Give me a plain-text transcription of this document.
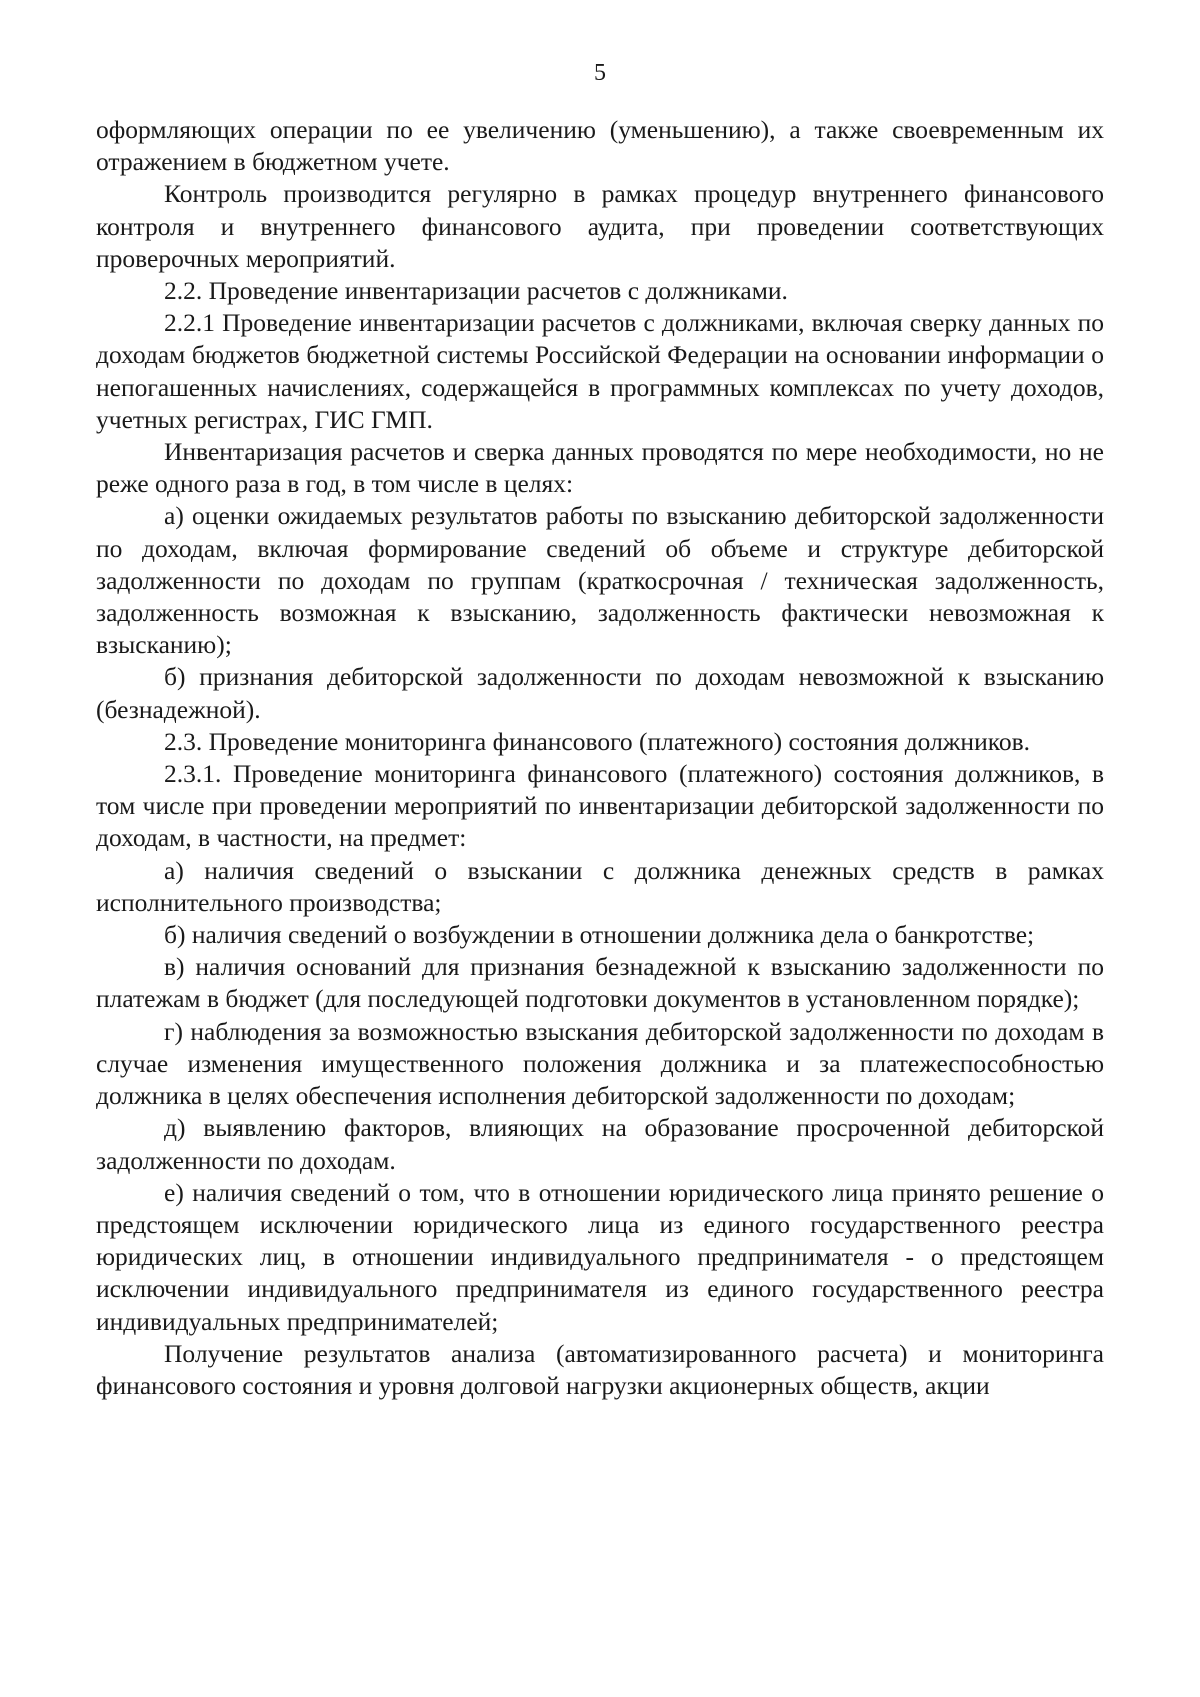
5

оформляющих операции по ее увеличению (уменьшению), а также своевременным их отражением в бюджетном учете.

Контроль производится регулярно в рамках процедур внутреннего финансового контроля и внутреннего финансового аудита, при проведении соответствующих проверочных мероприятий.

2.2. Проведение инвентаризации расчетов с должниками.

2.2.1 Проведение инвентаризации расчетов с должниками, включая сверку данных по доходам бюджетов бюджетной системы Российской Федерации на основании информации о непогашенных начислениях, содержащейся в программных комплексах по учету доходов, учетных регистрах, ГИС ГМП.

Инвентаризация расчетов и сверка данных проводятся по мере необходимости, но не реже одного раза в год, в том числе в целях:

а) оценки ожидаемых результатов работы по взысканию дебиторской задолженности по доходам, включая формирование сведений об объеме и структуре дебиторской задолженности по доходам по группам (краткосрочная / техническая задолженность, задолженность возможная к взысканию, задолженность фактически невозможная к взысканию);

б) признания дебиторской задолженности по доходам невозможной к взысканию (безнадежной).

2.3. Проведение мониторинга финансового (платежного) состояния должников.

2.3.1. Проведение мониторинга финансового (платежного) состояния должников, в том числе при проведении мероприятий по инвентаризации дебиторской задолженности по доходам, в частности, на предмет:

а) наличия сведений о взыскании с должника денежных средств в рамках исполнительного производства;

б) наличия сведений о возбуждении в отношении должника дела о банкротстве;

в) наличия оснований для признания безнадежной к взысканию задолженности по платежам в бюджет (для последующей подготовки документов в установленном порядке);

г) наблюдения за возможностью взыскания дебиторской задолженности по доходам в случае изменения имущественного положения должника и за платежеспособностью должника в целях обеспечения исполнения дебиторской задолженности по доходам;

д) выявлению факторов, влияющих на образование просроченной дебиторской задолженности по доходам.

е) наличия сведений о том, что в отношении юридического лица принято решение о предстоящем исключении юридического лица из единого государственного реестра юридических лиц, в отношении индивидуального предпринимателя - о предстоящем исключении индивидуального предпринимателя из единого государственного реестра индивидуальных предпринимателей;

Получение результатов анализа (автоматизированного расчета) и мониторинга финансового состояния и уровня долговой нагрузки акционерных обществ, акции
